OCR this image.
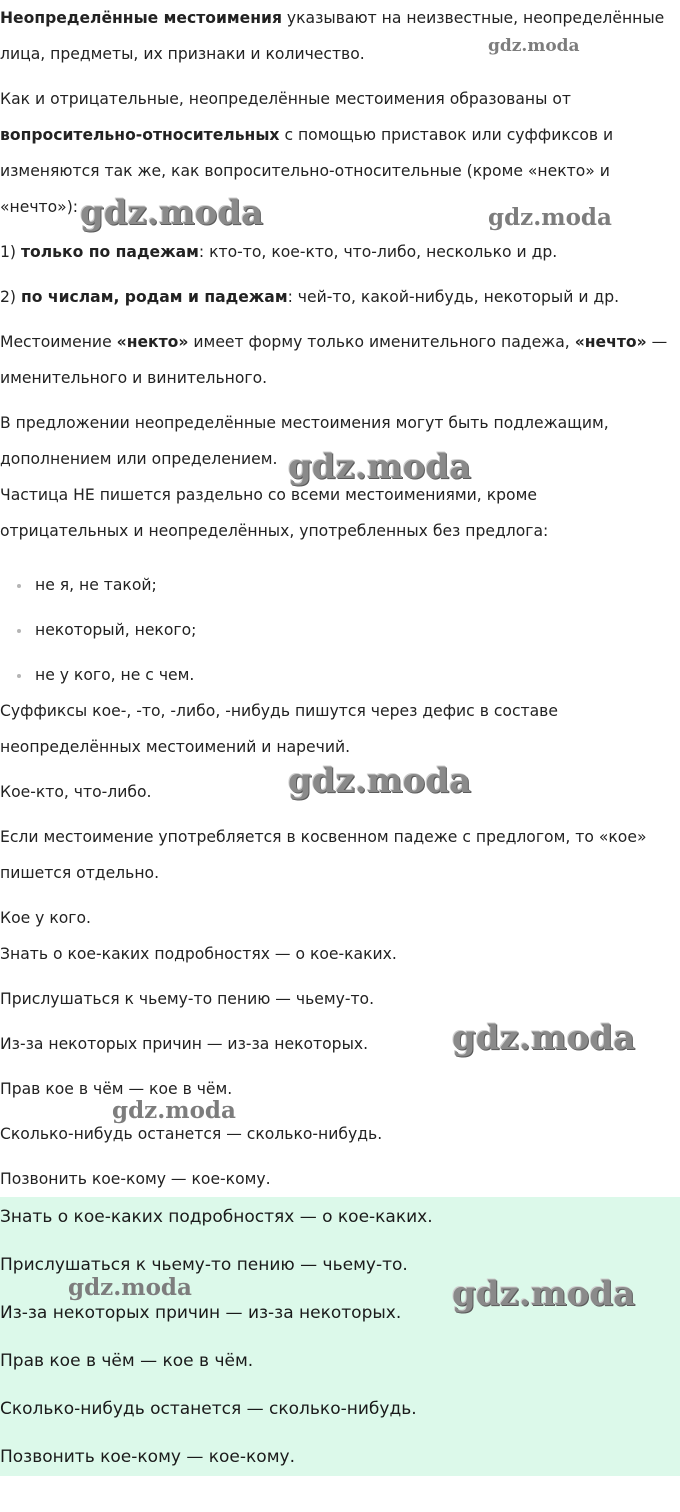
Неопределённые местоимения указывают на неизвестные, неопределённые
лица, предметы, их признаки и количество.
Как и отрицательные, неопределённые местоимения образованы от
вопросительно-относительных с помощью приставок или суффиксов и
изменяются так же, как вопросительно-относительные (кроме «некто» и
«нечто»):
1) только по падежам: кто-то, кое-кто, что-либо, несколько и др.
2) по числам, родам и падежам: чей-то, какой-нибудь, некоторый и др.
Местоимение «некто» имеет форму только именительного падежа, «нечто» —
именительного и винительного.
В предложении неопределённые местоимения могут быть подлежащим,
дополнением или определением.
Частица НЕ пишется раздельно со всеми местоимениями, кроме
отрицательных и неопределённых, употребленных без предлога:
не я, не такой;
некоторый, некого;
не у кого, не с чем.
Суффиксы кое-, -то, -либо, -нибудь пишутся через дефис в составе
неопределённых местоимений и наречий.
Кое-кто, что-либо.
Если местоимение употребляется в косвенном падеже с предлогом, то «кое»
пишется отдельно.
Кое у кого.
Знать о кое-каких подробностях — о кое-каких.
Прислушаться к чьему-то пению — чьему-то.
Из-за некоторых причин — из-за некоторых.
Прав кое в чём — кое в чём.
Сколько-нибудь останется — сколько-нибудь.
Позвонить кое-кому — кое-кому.
Знать о кое-каких подробностях — о кое-каких.
Прислушаться к чьему-то пению — чьему-то.
Из-за некоторых причин — из-за некоторых.
Прав кое в чём — кое в чём.
Сколько-нибудь останется — сколько-нибудь.
Позвонить кое-кому — кое-кому.
gdz.moda
gdz.moda	gdz.moda
gdz.moda
gdz.moda
gdz.moda
gdz.moda
gdz.moda	gdz.moda
